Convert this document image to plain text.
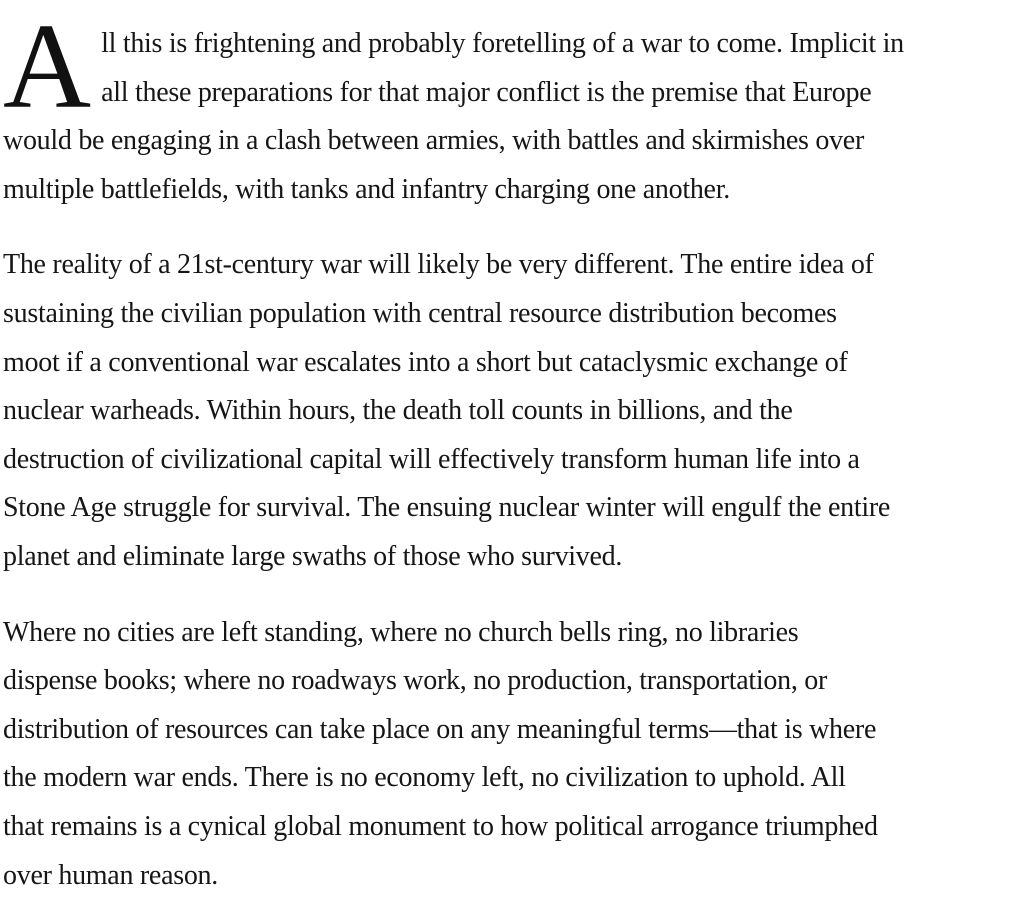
A ll this is frightening and probably foretelling of a war to come. Implicit in
all these preparations for that major conflict is the premise that Europe
would be engaging in a clash between armies, with battles and skirmishes over
multiple battlefields, with tanks and infantry charging one another.

The reality of a 21st-century war will likely be very different. The entire idea of
sustaining the civilian population with central resource distribution becomes
moot if a conventional war escalates into a short but cataclysmic exchange of
nuclear warheads. Within hours, the death toll counts in billions, and the
destruction of civilizational capital will effectively transform human life into a
Stone Age struggle for survival. The ensuing nuclear winter will engulf the entire
planet and eliminate large swaths of those who survived.

Where no cities are left standing, where no church bells ring, no libraries
dispense books; where no roadways work, no production, transportation, or
distribution of resources can take place on any meaningful terms—that is where
the modern war ends. There is no economy left, no civilization to uphold. All
that remains is a cynical global monument to how political arrogance triumphed
over human reason.
